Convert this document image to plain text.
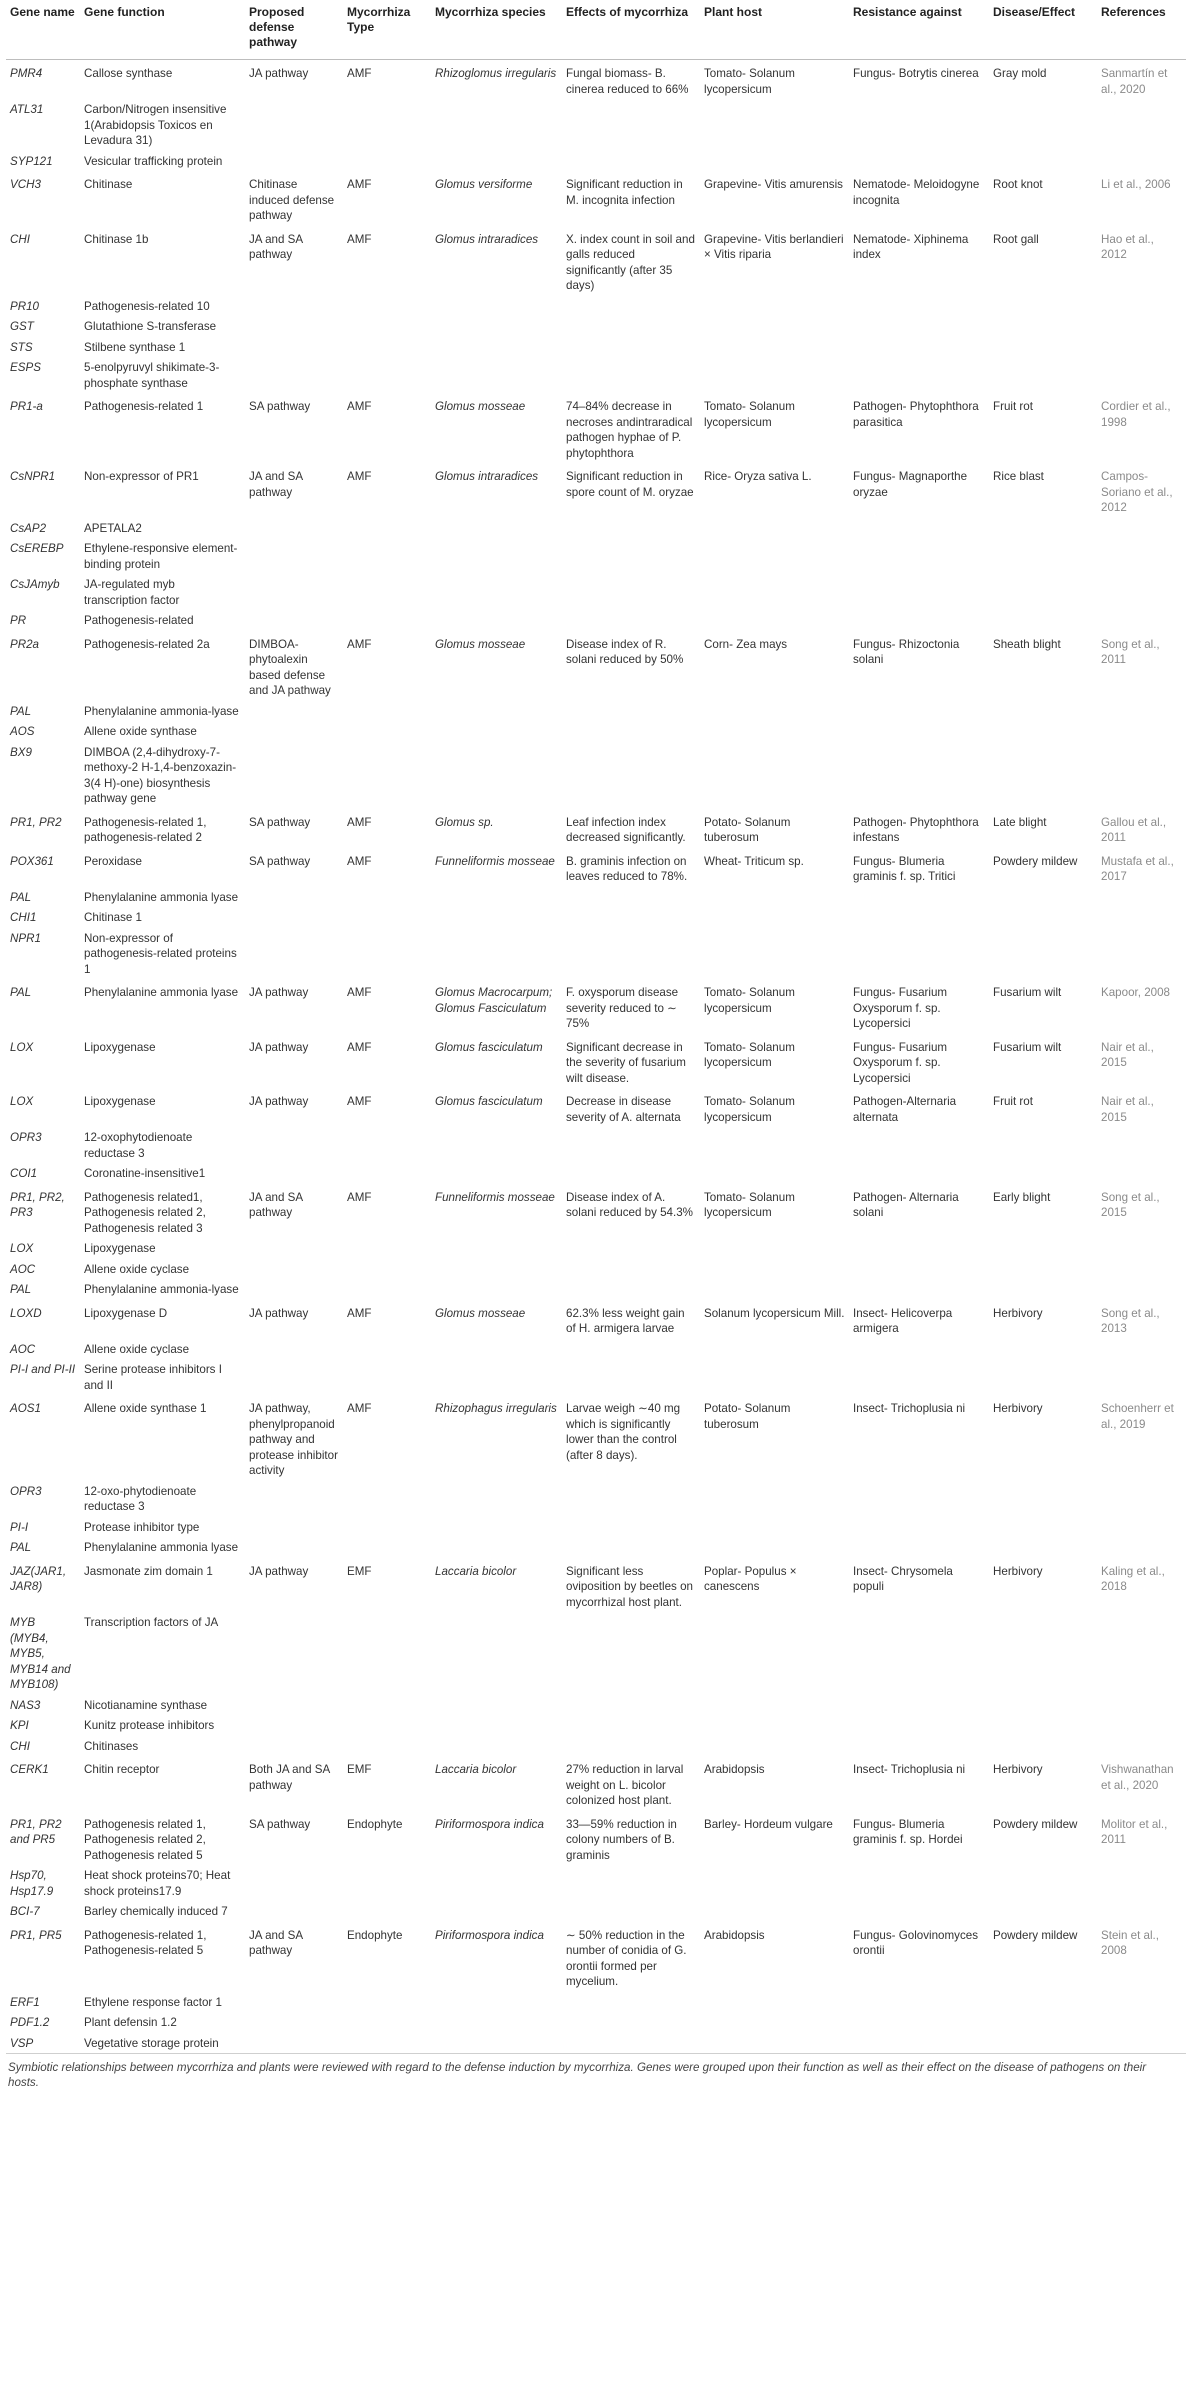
Gene name	Gene function	Proposed defense pathway	Mycorrhiza Type	Mycorrhiza species	Effects of mycorrhiza	Plant host	Resistance against	Disease/Effect	References
PMR4	Callose synthase	JA pathway	AMF	Rhizoglomus irregularis	Fungal biomass- B. cinerea reduced to 66%	Tomato- Solanum lycopersicum	Fungus- Botrytis cinerea	Gray mold	Sanmartín et al., 2020
ATL31	Carbon/Nitrogen insensitive 1(Arabidopsis Toxicos en Levadura 31)								
SYP121	Vesicular trafficking protein								
VCH3	Chitinase	Chitinase induced defense pathway	AMF	Glomus versiforme	Significant reduction in M. incognita infection	Grapevine- Vitis amurensis	Nematode- Meloidogyne incognita	Root knot	Li et al., 2006
CHI	Chitinase 1b	JA and SA pathway	AMF	Glomus intraradices	X. index count in soil and galls reduced significantly (after 35 days)	Grapevine- Vitis berlandieri × Vitis riparia	Nematode- Xiphinema index	Root gall	Hao et al., 2012
PR10	Pathogenesis-related 10								
GST	Glutathione S-transferase								
STS	Stilbene synthase 1								
ESPS	5-enolpyruvyl shikimate-3-phosphate synthase								
PR1-a	Pathogenesis-related 1	SA pathway	AMF	Glomus mosseae	74–84% decrease in necroses andintraradical pathogen hyphae of P. phytophthora	Tomato- Solanum lycopersicum	Pathogen- Phytophthora parasitica	Fruit rot	Cordier et al., 1998
CsNPR1	Non-expressor of PR1	JA and SA pathway	AMF	Glomus intraradices	Significant reduction in spore count of M. oryzae	Rice- Oryza sativa L.	Fungus- Magnaporthe oryzae	Rice blast	Campos-Soriano et al., 2012
CsAP2	APETALA2								
CsEREBP	Ethylene-responsive element-binding protein								
CsJAmyb	JA-regulated myb transcription factor								
PR	Pathogenesis-related								
PR2a	Pathogenesis-related 2a	DIMBOA-phytoalexin based defense and JA pathway	AMF	Glomus mosseae	Disease index of R. solani reduced by 50%	Corn- Zea mays	Fungus- Rhizoctonia solani	Sheath blight	Song et al., 2011
PAL	Phenylalanine ammonia-lyase								
AOS	Allene oxide synthase								
BX9	DIMBOA (2,4-dihydroxy-7-methoxy-2 H-1,4-benzoxazin-3(4 H)-one) biosynthesis pathway gene								
PR1, PR2	Pathogenesis-related 1, pathogenesis-related 2	SA pathway	AMF	Glomus sp.	Leaf infection index decreased significantly.	Potato- Solanum tuberosum	Pathogen- Phytophthora infestans	Late blight	Gallou et al., 2011
POX361	Peroxidase	SA pathway	AMF	Funneliformis mosseae	B. graminis infection on leaves reduced to 78%.	Wheat- Triticum sp.	Fungus- Blumeria graminis f. sp. Tritici	Powdery mildew	Mustafa et al., 2017
PAL	Phenylalanine ammonia lyase								
CHI1	Chitinase 1								
NPR1	Non-expressor of pathogenesis-related proteins 1								
PAL	Phenylalanine ammonia lyase	JA pathway	AMF	Glomus Macrocarpum; Glomus Fasciculatum	F. oxysporum disease severity reduced to ∼ 75%	Tomato- Solanum lycopersicum	Fungus- Fusarium Oxysporum f. sp. Lycopersici	Fusarium wilt	Kapoor, 2008
LOX	Lipoxygenase	JA pathway	AMF	Glomus fasciculatum	Significant decrease in the severity of fusarium wilt disease.	Tomato- Solanum lycopersicum	Fungus- Fusarium Oxysporum f. sp. Lycopersici	Fusarium wilt	Nair et al., 2015
LOX	Lipoxygenase	JA pathway	AMF	Glomus fasciculatum	Decrease in disease severity of A. alternata	Tomato- Solanum lycopersicum	Pathogen-Alternaria alternata	Fruit rot	Nair et al., 2015
OPR3	12-oxophytodienoate reductase 3								
COI1	Coronatine-insensitive1								
PR1, PR2, PR3	Pathogenesis related1, Pathogenesis related 2, Pathogenesis related 3	JA and SA pathway	AMF	Funneliformis mosseae	Disease index of A. solani reduced by 54.3%	Tomato- Solanum lycopersicum	Pathogen- Alternaria solani	Early blight	Song et al., 2015
LOX	Lipoxygenase								
AOC	Allene oxide cyclase								
PAL	Phenylalanine ammonia-lyase								
LOXD	Lipoxygenase D	JA pathway	AMF	Glomus mosseae	62.3% less weight gain of H. armigera larvae	Solanum lycopersicum Mill.	Insect- Helicoverpa armigera	Herbivory	Song et al., 2013
AOC	Allene oxide cyclase								
PI-I and PI-II	Serine protease inhibitors I and II								
AOS1	Allene oxide synthase 1	JA pathway, phenylpropanoid pathway and protease inhibitor activity	AMF	Rhizophagus irregularis	Larvae weigh ∼40 mg which is significantly lower than the control (after 8 days).	Potato- Solanum tuberosum	Insect- Trichoplusia ni	Herbivory	Schoenherr et al., 2019
OPR3	12-oxo-phytodienoate reductase 3								
PI-I	Protease inhibitor type								
PAL	Phenylalanine ammonia lyase								
JAZ(JAR1, JAR8)	Jasmonate zim domain 1	JA pathway	EMF	Laccaria bicolor	Significant less oviposition by beetles on mycorrhizal host plant.	Poplar- Populus × canescens	Insect- Chrysomela populi	Herbivory	Kaling et al., 2018
MYB (MYB4, MYB5, MYB14 and MYB108)	Transcription factors of JA								
NAS3	Nicotianamine synthase								
KPI	Kunitz protease inhibitors								
CHI	Chitinases								
CERK1	Chitin receptor	Both JA and SA pathway	EMF	Laccaria bicolor	27% reduction in larval weight on L. bicolor colonized host plant.	Arabidopsis	Insect- Trichoplusia ni	Herbivory	Vishwanathan et al., 2020
PR1, PR2 and PR5	Pathogenesis related 1, Pathogenesis related 2, Pathogenesis related 5	SA pathway	Endophyte	Piriformospora indica	33—59% reduction in colony numbers of B. graminis	Barley- Hordeum vulgare	Fungus- Blumeria graminis f. sp. Hordei	Powdery mildew	Molitor et al., 2011
Hsp70, Hsp17.9	Heat shock proteins70; Heat shock proteins17.9								
BCI-7	Barley chemically induced 7								
PR1, PR5	Pathogenesis-related 1, Pathogenesis-related 5	JA and SA pathway	Endophyte	Piriformospora indica	∼ 50% reduction in the number of conidia of G. orontii formed per mycelium.	Arabidopsis	Fungus- Golovinomyces orontii	Powdery mildew	Stein et al., 2008
ERF1	Ethylene response factor 1								
PDF1.2	Plant defensin 1.2								
VSP	Vegetative storage protein								
Symbiotic relationships between mycorrhiza and plants were reviewed with regard to the defense induction by mycorrhiza. Genes were grouped upon their function as well as their effect on the disease of pathogens on their hosts.
